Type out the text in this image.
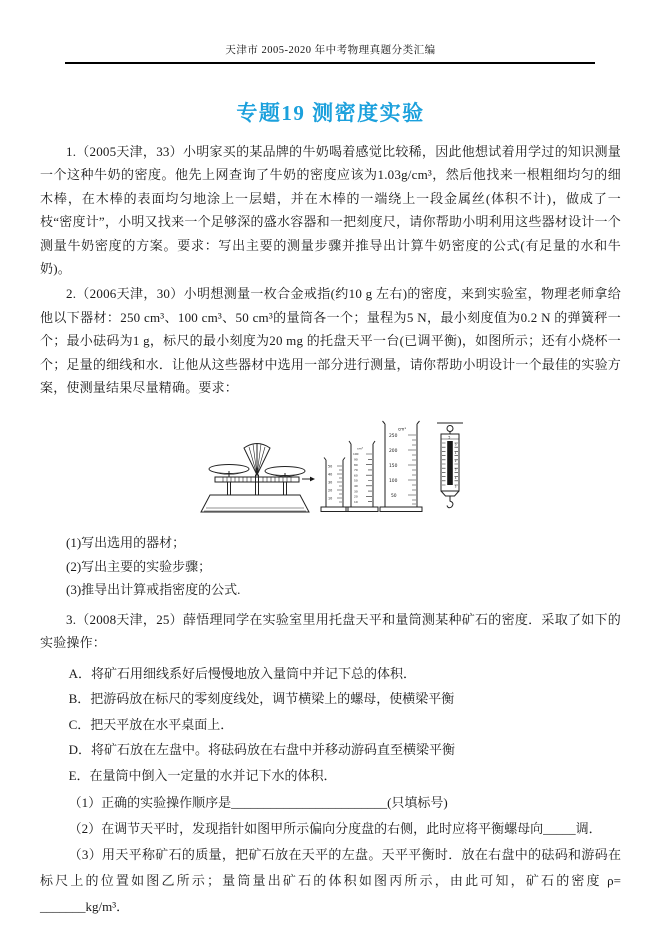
天津市 2005-2020 年中考物理真题分类汇编
专题19 测密度实验

1.（2005天津，33）小明家买的某品牌的牛奶喝着感觉比较稀，因此他想试着用学过的知识测量一个这种牛奶的密度。他先上网查询了牛奶的密度应该为1.03g/cm³，然后他找来一根粗细均匀的细木棒，在木棒的表面均匀地涂上一层蜡，并在木棒的一端绕上一段金属丝(体积不计)，做成了一枝“密度计”，小明又找来一个足够深的盛水容器和一把刻度尺，请你帮助小明利用这些器材设计一个测量牛奶密度的方案。要求：写出主要的测量步骤并推导出计算牛奶密度的公式(有足量的水和牛奶)。

2.（2006天津，30）小明想测量一枚合金戒指(约10 g 左右)的密度，来到实验室，物理老师拿给他以下器材：250 cm³、100 cm³、50 cm³的量筒各一个；量程为5 N，最小刻度值为0.2 N 的弹簧秤一个；最小砝码为1 g，标尺的最小刻度为20 mg 的托盘天平一台(已调平衡)，如图所示；还有小烧杯一个；足量的细线和水．让他从这些器材中选用一部分进行测量，请你帮助小明设计一个最佳的实验方案，使测量结果尽量精确。要求：

50
40
30
20
10
cm³
100
90
80
70
60
50
40
30
20
10
cm³
250
200
150
100
50
5
0
1
2
3
4
5

(1)写出选用的器材；

(2)写出主要的实验步骤；

(3)推导出计算戒指密度的公式.

3.（2008天津，25）薛悟理同学在实验室里用托盘天平和量筒测某种矿石的密度．采取了如下的实验操作：

A．将矿石用细线系好后慢慢地放入量筒中并记下总的体积．

B．把游码放在标尺的零刻度线处，调节横梁上的螺母，使横梁平衡

C．把天平放在水平桌面上．

D．将矿石放在左盘中。将砝码放在右盘中并移动游码直至横梁平衡

E．在量筒中倒入一定量的水并记下水的体积．

（1）正确的实验操作顺序是________________________(只填标号)

（2）在调节天平时，发现指针如图甲所示偏向分度盘的右侧，此时应将平衡螺母向_____调．

（3）用天平称矿石的质量，把矿石放在天平的左盘。天平平衡时．放在右盘中的砝码和游码在标尺上的位置如图乙所示；量筒量出矿石的体积如图丙所示，由此可知，矿石的密度 ρ= _______kg/m³．
